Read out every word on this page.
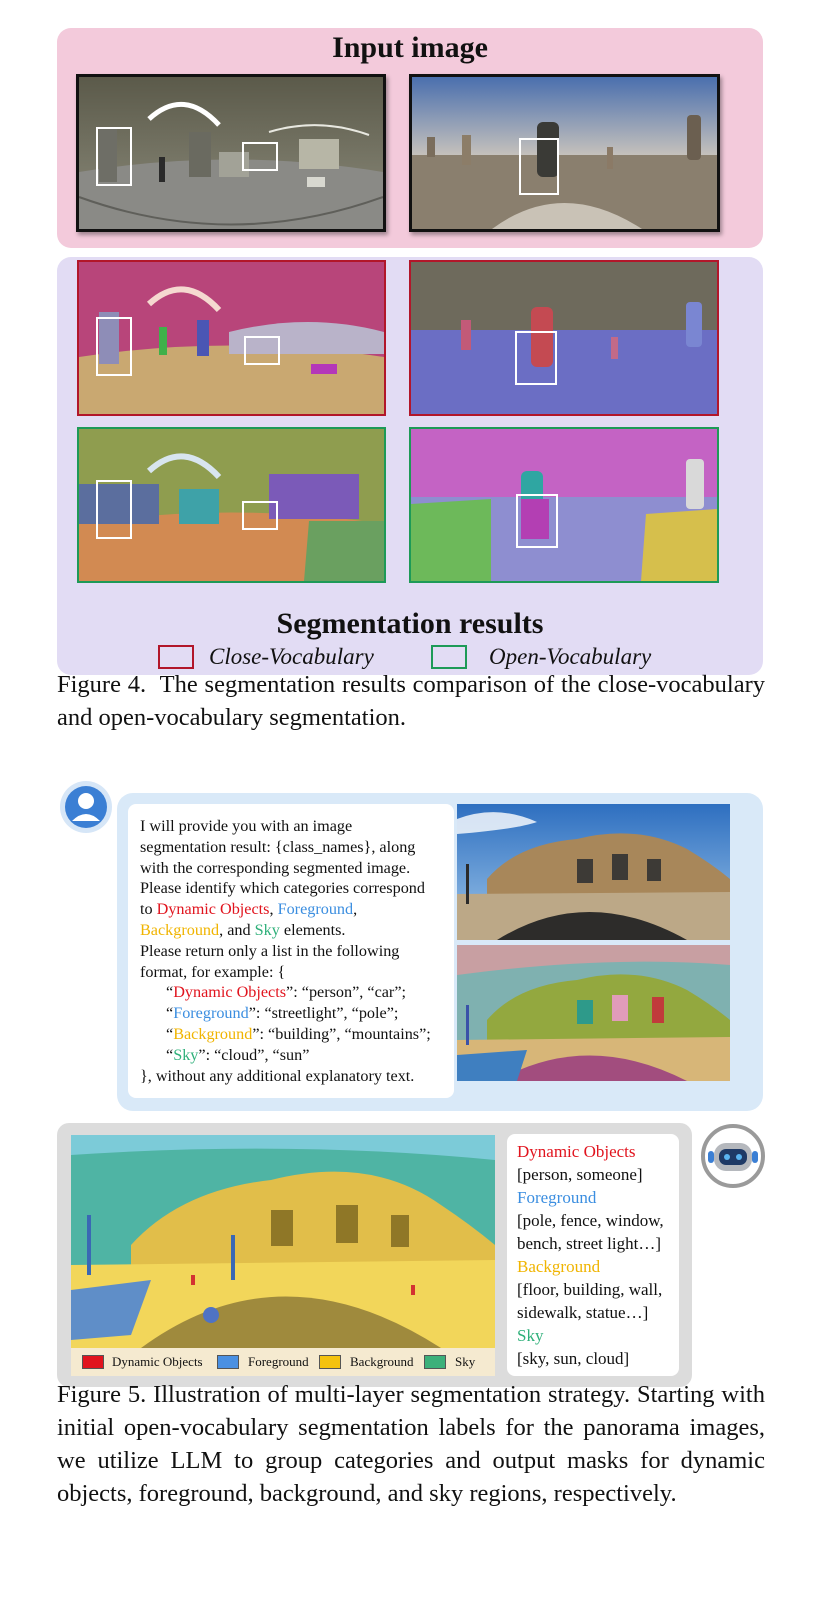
Input image
Segmentation results
Close-Vocabulary	Open-Vocabulary
Figure 4.  The segmentation results comparison of the close-vocabulary and open-vocabulary segmentation.
I will provide you with an image
segmentation result: {class_names}, along
with the corresponding segmented image.
Please identify which categories correspond
to Dynamic Objects, Foreground,
Background, and Sky elements.
Please return only a list in the following
format, for example: {
“Dynamic Objects”: “person”, “car”;
“Foreground”: “streetlight”, “pole”;
“Background”: “building”, “mountains”;
“Sky”: “cloud”, “sun”
}, without any additional explanatory text.
Dynamic Objects	Foreground	Background	Sky
Dynamic Objects
[person, someone]
Foreground
[pole, fence, window,
bench, street light…]
Background
[floor, building, wall,
sidewalk, statue…]
Sky
[sky, sun, cloud]
Figure 5. Illustration of multi-layer segmentation strategy. Starting with initial open-vocabulary segmentation labels for the panorama images, we utilize LLM to group categories and output masks for dynamic objects, foreground, background, and sky regions, respectively.
